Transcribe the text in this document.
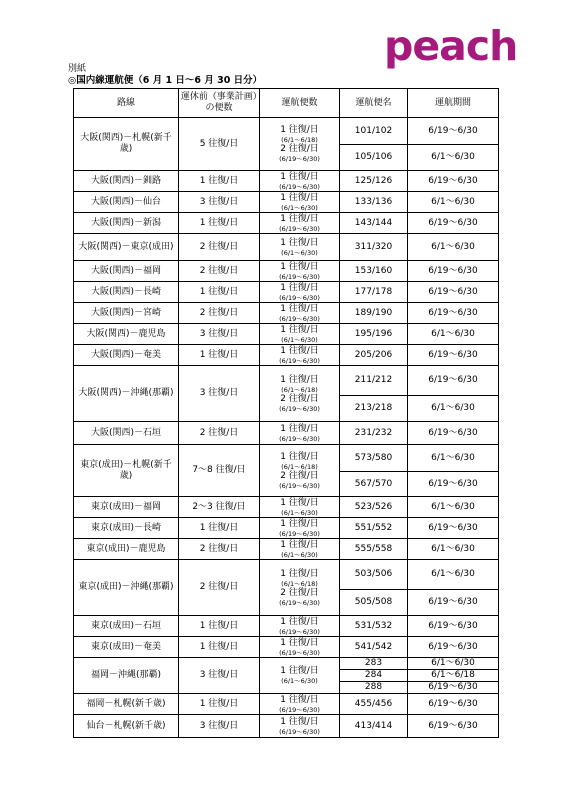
peach
別紙
◎国内線運航便（6 月 1 日～6 月 30 日分）
路線	運休前（事業計画）の便数	運航便数	運航便名	運航期間
大阪(関西)－札幌(新千歳)	5 往復/日	1 往復/日
(6/1～6/18)
2 往復/日
(6/19～6/30)	101/102	6/19～6/30
			105/106	6/1～6/30
大阪(関西)－釧路	1 往復/日	1 往復/日
(6/19～6/30)	125/126	6/19～6/30
大阪(関西)－仙台	3 往復/日	1 往復/日
(6/1～6/30)	133/136	6/1～6/30
大阪(関西)－新潟	1 往復/日	1 往復/日
(6/19～6/30)	143/144	6/19～6/30
大阪(関西)－東京(成田)	2 往復/日	1 往復/日
(6/1～6/30)	311/320	6/1～6/30
大阪(関西)－福岡	2 往復/日	1 往復/日
(6/19～6/30)	153/160	6/19～6/30
大阪(関西)－長崎	1 往復/日	1 往復/日
(6/19～6/30)	177/178	6/19～6/30
大阪(関西)－宮崎	2 往復/日	1 往復/日
(6/19～6/30)	189/190	6/19～6/30
大阪(関西)－鹿児島	3 往復/日	1 往復/日
(6/1～6/30)	195/196	6/1～6/30
大阪(関西)－奄美	1 往復/日	1 往復/日
(6/19～6/30)	205/206	6/19～6/30
大阪(関西)－沖縄(那覇)	3 往復/日	1 往復/日
(6/1～6/18)
2 往復/日
(6/19～6/30)	211/212	6/19～6/30
			213/218	6/1～6/30
大阪(関西)－石垣	2 往復/日	1 往復/日
(6/19～6/30)	231/232	6/19～6/30
東京(成田)－札幌(新千歳)	7～8 往復/日	1 往復/日
(6/1～6/18)
2 往復/日
(6/19～6/30)	573/580	6/1～6/30
			567/570	6/19～6/30
東京(成田)－福岡	2～3 往復/日	1 往復/日
(6/1～6/30)	523/526	6/1～6/30
東京(成田)－長崎	1 往復/日	1 往復/日
(6/19～6/30)	551/552	6/19～6/30
東京(成田)－鹿児島	2 往復/日	1 往復/日
(6/1～6/30)	555/558	6/1～6/30
東京(成田)－沖縄(那覇)	2 往復/日	1 往復/日
(6/1～6/18)
2 往復/日
(6/19～6/30)	503/506	6/1～6/30
			505/508	6/19～6/30
東京(成田)－石垣	1 往復/日	1 往復/日
(6/19～6/30)	531/532	6/19～6/30
東京(成田)－奄美	1 往復/日	1 往復/日
(6/19～6/30)	541/542	6/19～6/30
福岡－沖縄(那覇)	3 往復/日	1 往復/日
(6/1～6/30)	283	6/1～6/30
			284	6/1～6/18
			288	6/19～6/30
福岡－札幌(新千歳)	1 往復/日	1 往復/日
(6/19～6/30)	455/456	6/19～6/30
仙台－札幌(新千歳)	3 往復/日	1 往復/日
(6/19～6/30)	413/414	6/19～6/30
